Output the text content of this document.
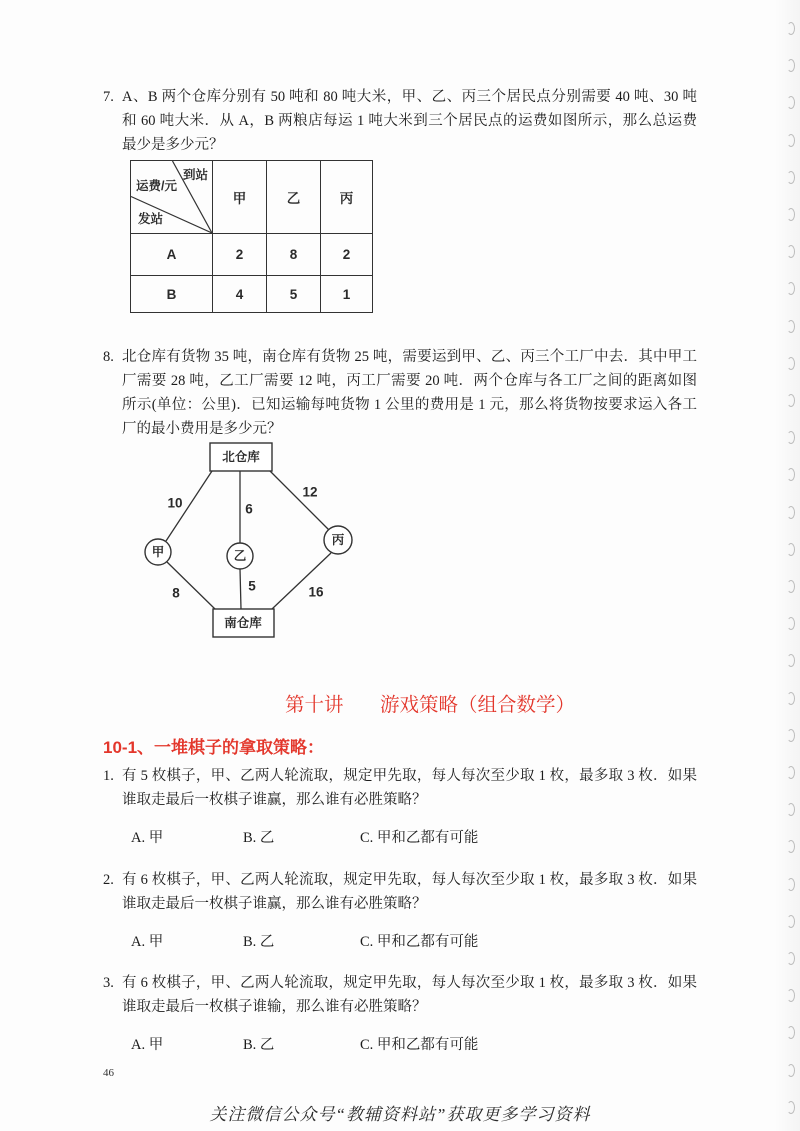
7. A、B 两个仓库分别有 50 吨和 80 吨大米，甲、乙、丙三个居民点分别需要 40 吨、30 吨
和 60 吨大米．从 A，B 两粮店每运 1 吨大米到三个居民点的运费如图所示，那么总运费
最少是多少元？
到站
运费/元
发站	甲	乙	丙
A	2	8	2
B	4	5	1
8. 北仓库有货物 35 吨，南仓库有货物 25 吨，需要运到甲、乙、丙三个工厂中去．其中甲工
厂需要 28 吨，乙工厂需要 12 吨，丙工厂需要 20 吨．两个仓库与各工厂之间的距离如图
所示(单位：公里)．已知运输每吨货物 1 公里的费用是 1 元，那么将货物按要求运入各工
厂的最小费用是多少元？
北仓库
南仓库
甲	乙
丙
10	6
12
8	5	16
第十讲 游戏策略（组合数学）
10-1、一堆棋子的拿取策略：
1. 有 5 枚棋子，甲、乙两人轮流取，规定甲先取，每人每次至少取 1 枚，最多取 3 枚．如果
谁取走最后一枚棋子谁赢，那么谁有必胜策略？
A. 甲	B. 乙	C. 甲和乙都有可能
2. 有 6 枚棋子，甲、乙两人轮流取，规定甲先取，每人每次至少取 1 枚，最多取 3 枚．如果
谁取走最后一枚棋子谁赢，那么谁有必胜策略？
A. 甲	B. 乙	C. 甲和乙都有可能
3. 有 6 枚棋子，甲、乙两人轮流取，规定甲先取，每人每次至少取 1 枚，最多取 3 枚．如果
谁取走最后一枚棋子谁输，那么谁有必胜策略？
A. 甲	B. 乙	C. 甲和乙都有可能
46
关注微信公众号“教辅资料站”获取更多学习资料
